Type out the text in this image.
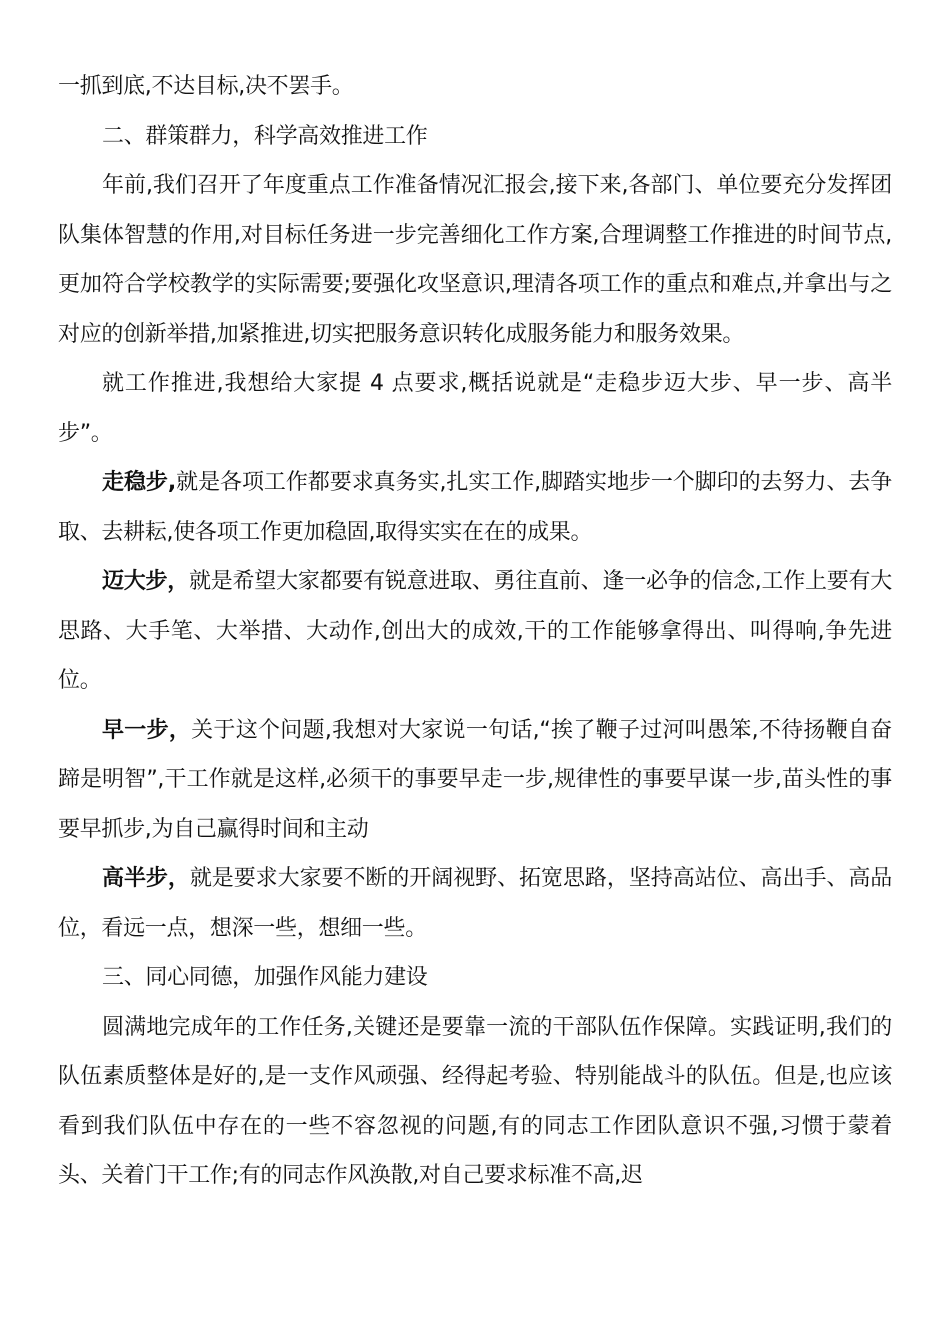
一抓到底,不达目标,决不罢手。

二、群策群力，科学高效推进工作

年前,我们召开了年度重点工作准备情况汇报会,接下来,各部门、单位要充分发挥团队集体智慧的作用,对目标任务进一步完善细化工作方案,合理调整工作推进的时间节点,更加符合学校教学的实际需要;要强化攻坚意识,理清各项工作的重点和难点,并拿出与之对应的创新举措,加紧推进,切实把服务意识转化成服务能力和服务效果。

就工作推进,我想给大家提 4 点要求,概括说就是“走稳步迈大步、早一步、高半步”。

走稳步,就是各项工作都要求真务实,扎实工作,脚踏实地步一个脚印的去努力、去争取、去耕耘,使各项工作更加稳固,取得实实在在的成果。

迈大步，就是希望大家都要有锐意进取、勇往直前、逢一必争的信念,工作上要有大思路、大手笔、大举措、大动作,创出大的成效,干的工作能够拿得出、叫得响,争先进位。

早一步，关于这个问题,我想对大家说一句话,“挨了鞭子过河叫愚笨,不待扬鞭自奋蹄是明智”,干工作就是这样,必须干的事要早走一步,规律性的事要早谋一步,苗头性的事要早抓步,为自己赢得时间和主动

高半步，就是要求大家要不断的开阔视野、拓宽思路，坚持高站位、高出手、高品位，看远一点，想深一些，想细一些。

三、同心同德，加强作风能力建设

圆满地完成年的工作任务,关键还是要靠一流的干部队伍作保障。实践证明,我们的队伍素质整体是好的,是一支作风顽强、经得起考验、特别能战斗的队伍。但是,也应该看到我们队伍中存在的一些不容忽视的问题,有的同志工作团队意识不强,习惯于蒙着头、关着门干工作;有的同志作风涣散,对自己要求标准不高,迟
